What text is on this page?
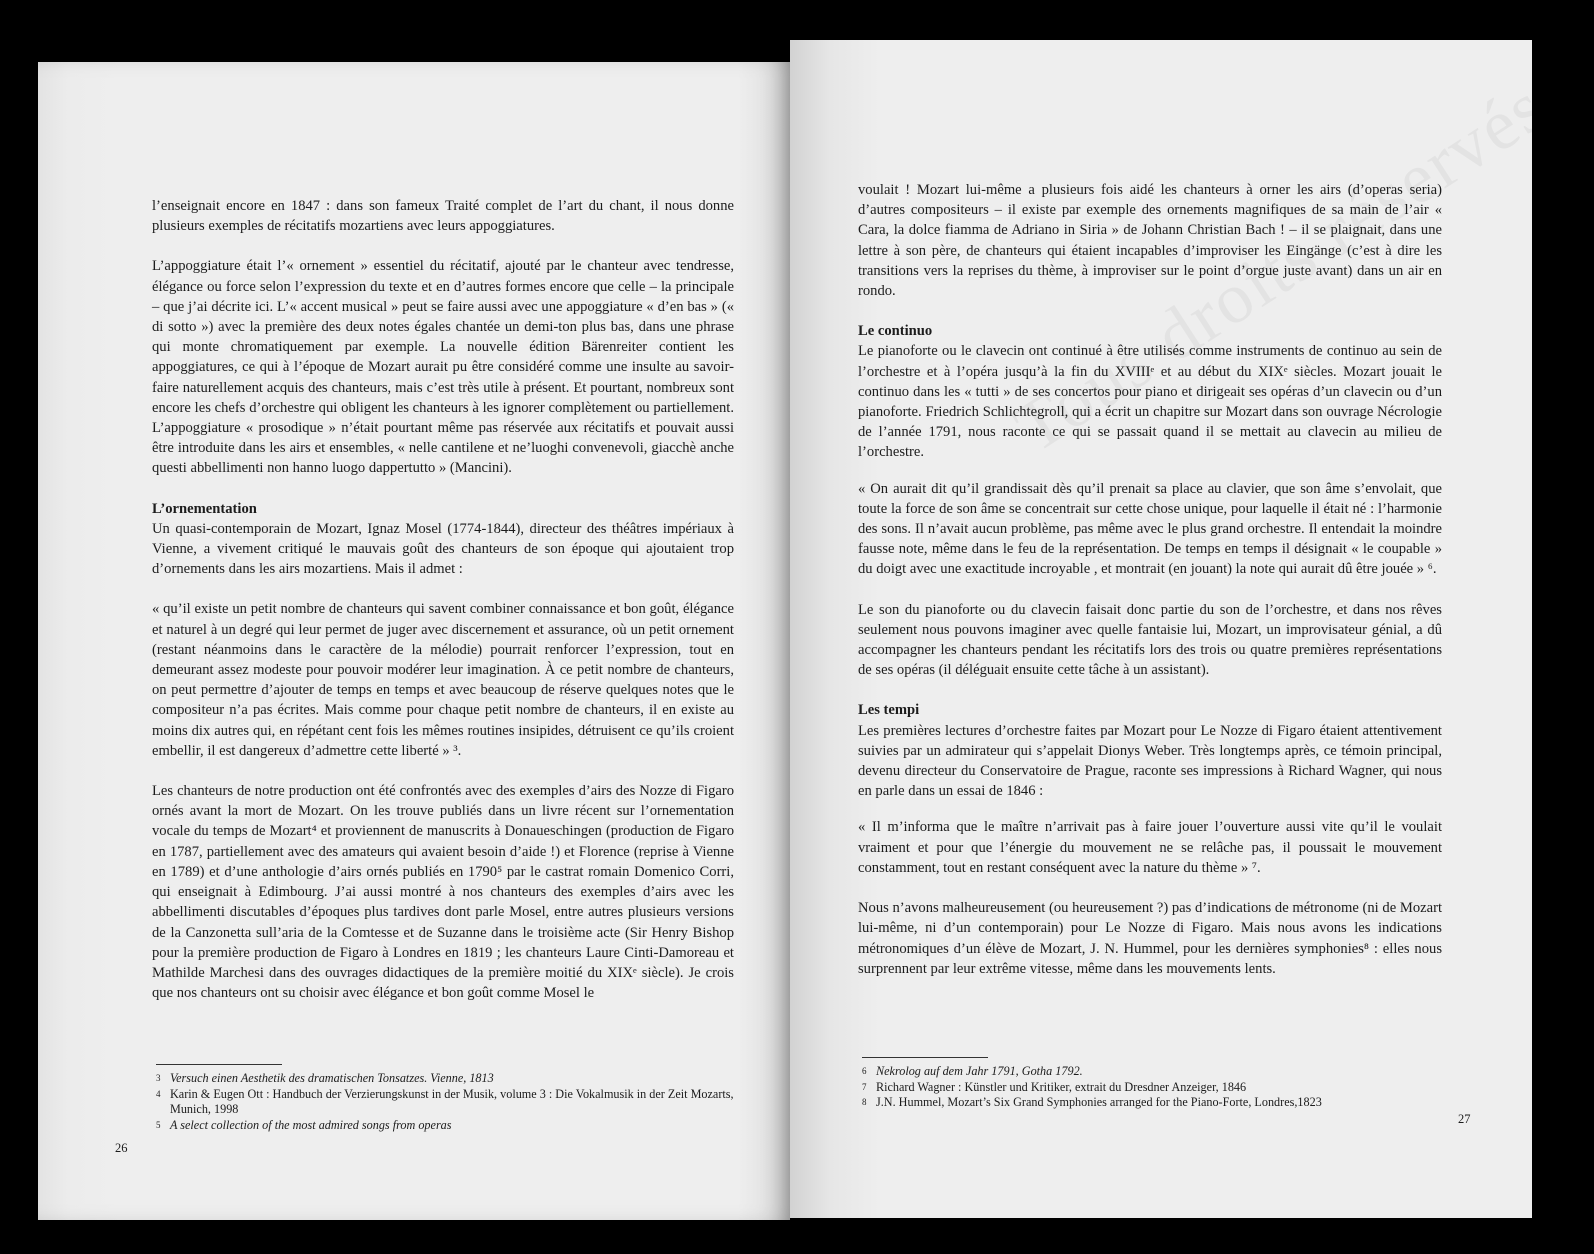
l’enseignait encore en 1847 : dans son fameux Traité complet de l’art du chant, il nous donne plusieurs exemples de récitatifs mozartiens avec leurs appoggiatures.

L’appoggiature était l’« ornement » essentiel du récitatif, ajouté par le chanteur avec tendresse, élégance ou force selon l’expression du texte et en d’autres formes encore que celle – la principale – que j’ai décrite ici. L’« accent musical » peut se faire aussi avec une appoggiature « d’en bas » (« di sotto ») avec la première des deux notes égales chantée un demi-ton plus bas, dans une phrase qui monte chromatiquement par exemple. La nouvelle édition Bärenreiter contient les appoggiatures, ce qui à l’époque de Mozart aurait pu être considéré comme une insulte au savoir-faire naturellement acquis des chanteurs, mais c’est très utile à présent. Et pourtant, nombreux sont encore les chefs d’orchestre qui obligent les chanteurs à les ignorer complètement ou partiellement. L’appoggiature « prosodique » n’était pourtant même pas réservée aux récitatifs et pouvait aussi être introduite dans les airs et ensembles, « nelle cantilene et ne’luoghi convenevoli, giacchè anche questi abbellimenti non hanno luogo dappertutto » (Mancini).

L’ornementation

Un quasi-contemporain de Mozart, Ignaz Mosel (1774-1844), directeur des théâtres impériaux à Vienne, a vivement critiqué le mauvais goût des chanteurs de son époque qui ajoutaient trop d’ornements dans les airs mozartiens. Mais il admet :

« qu’il existe un petit nombre de chanteurs qui savent combiner connaissance et bon goût, élégance et naturel à un degré qui leur permet de juger avec discernement et assurance, où un petit ornement (restant néanmoins dans le caractère de la mélodie) pourrait renforcer l’expression, tout en demeurant assez modeste pour pouvoir modérer leur imagination. À ce petit nombre de chanteurs, on peut permettre d’ajouter de temps en temps et avec beaucoup de réserve quelques notes que le compositeur n’a pas écrites. Mais comme pour chaque petit nombre de chanteurs, il en existe au moins dix autres qui, en répétant cent fois les mêmes routines insipides, détruisent ce qu’ils croient embellir, il est dangereux d’admettre cette liberté » ³.

Les chanteurs de notre production ont été confrontés avec des exemples d’airs des Nozze di Figaro ornés avant la mort de Mozart. On les trouve publiés dans un livre récent sur l’ornementation vocale du temps de Mozart⁴ et proviennent de manuscrits à Donaueschingen (production de Figaro en 1787, partiellement avec des amateurs qui avaient besoin d’aide !) et Florence (reprise à Vienne en 1789) et d’une anthologie d’airs ornés publiés en 1790⁵ par le castrat romain Domenico Corri, qui enseignait à Edimbourg. J’ai aussi montré à nos chanteurs des exemples d’airs avec les abbellimenti discutables d’époques plus tardives dont parle Mosel, entre autres plusieurs versions de la Canzonetta sull’aria de la Comtesse et de Suzanne dans le troisième acte (Sir Henry Bishop pour la première production de Figaro à Londres en 1819 ; les chanteurs Laure Cinti-Damoreau et Mathilde Marchesi dans des ouvrages didactiques de la première moitié du XIXᵉ siècle). Je crois que nos chanteurs ont su choisir avec élégance et bon goût comme Mosel le

3 Versuch einen Aesthetik des dramatischen Tonsatzes. Vienne, 1813
4 Karin & Eugen Ott : Handbuch der Verzierungskunst in der Musik, volume 3 : Die Vokalmusik in der Zeit Mozarts, Munich, 1998
5 A select collection of the most admired songs from operas
26

voulait ! Mozart lui-même a plusieurs fois aidé les chanteurs à orner les airs (d’operas seria) d’autres compositeurs – il existe par exemple des ornements magnifiques de sa main de l’air « Cara, la dolce fiamma de Adriano in Siria » de Johann Christian Bach ! – il se plaignait, dans une lettre à son père, de chanteurs qui étaient incapables d’improviser les Eingänge (c’est à dire les transitions vers la reprises du thème, à improviser sur le point d’orgue juste avant) dans un air en rondo.

Le continuo

Le pianoforte ou le clavecin ont continué à être utilisés comme instruments de continuo au sein de l’orchestre et à l’opéra jusqu’à la fin du XVIIIᵉ et au début du XIXᵉ siècles. Mozart jouait le continuo dans les « tutti » de ses concertos pour piano et dirigeait ses opéras d’un clavecin ou d’un pianoforte. Friedrich Schlichtegroll, qui a écrit un chapitre sur Mozart dans son ouvrage Nécrologie de l’année 1791, nous raconte ce qui se passait quand il se mettait au clavecin au milieu de l’orchestre.

« On aurait dit qu’il grandissait dès qu’il prenait sa place au clavier, que son âme s’envolait, que toute la force de son âme se concentrait sur cette chose unique, pour laquelle il était né : l’harmonie des sons. Il n’avait aucun problème, pas même avec le plus grand orchestre. Il entendait la moindre fausse note, même dans le feu de la représentation. De temps en temps il désignait « le coupable » du doigt avec une exactitude incroyable , et montrait (en jouant) la note qui aurait dû être jouée » ⁶.

Le son du pianoforte ou du clavecin faisait donc partie du son de l’orchestre, et dans nos rêves seulement nous pouvons imaginer avec quelle fantaisie lui, Mozart, un improvisateur génial, a dû accompagner les chanteurs pendant les récitatifs lors des trois ou quatre premières représentations de ses opéras (il déléguait ensuite cette tâche à un assistant).

Les tempi

Les premières lectures d’orchestre faites par Mozart pour Le Nozze di Figaro étaient attentivement suivies par un admirateur qui s’appelait Dionys Weber. Très longtemps après, ce témoin principal, devenu directeur du Conservatoire de Prague, raconte ses impressions à Richard Wagner, qui nous en parle dans un essai de 1846 :

« Il m’informa que le maître n’arrivait pas à faire jouer l’ouverture aussi vite qu’il le voulait vraiment et pour que l’énergie du mouvement ne se relâche pas, il poussait le mouvement constamment, tout en restant conséquent avec la nature du thème » ⁷.

Nous n’avons malheureusement (ou heureusement ?) pas d’indications de métronome (ni de Mozart lui-même, ni d’un contemporain) pour Le Nozze di Figaro. Mais nous avons les indications métronomiques d’un élève de Mozart, J. N. Hummel, pour les dernières symphonies⁸ : elles nous surprennent par leur extrême vitesse, même dans les mouvements lents.

6 Nekrolog auf dem Jahr 1791, Gotha 1792.
7 Richard Wagner : Künstler und Kritiker, extrait du Dresdner Anzeiger, 1846
8 J.N. Hummel, Mozart’s Six Grand Symphonies arranged for the Piano-Forte, Londres,1823
27
